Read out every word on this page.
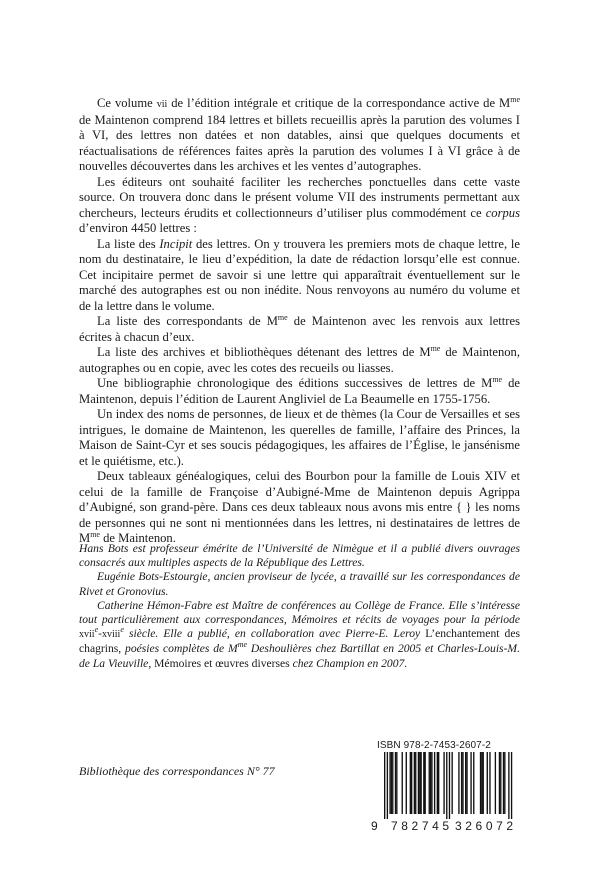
Ce volume vii de l’édition intégrale et critique de la correspondance active de $M^{me}$ de Maintenon comprend 184 lettres et billets recueillis après la parution des volumes I à VI, des lettres non datées et non datables, ainsi que quelques documents et réactualisations de références faites après la parution des volumes I à VI grâce à de nouvelles découvertes dans les archives et les ventes d’autographes.

Les éditeurs ont souhaité faciliter les recherches ponctuelles dans cette vaste source. On trouvera donc dans le présent volume VII des instruments permettant aux chercheurs, lecteurs érudits et collectionneurs d’utiliser plus commodément ce corpus d’environ 4450 lettres :

La liste des Incipit des lettres. On y trouvera les premiers mots de chaque lettre, le nom du destinataire, le lieu d’expédition, la date de rédaction lorsqu’elle est connue. Cet incipitaire permet de savoir si une lettre qui apparaîtrait éventuellement sur le marché des autographes est ou non inédite. Nous renvoyons au numéro du volume et de la lettre dans le volume.

La liste des correspondants de $M^{me}$ de Maintenon avec les renvois aux lettres écrites à chacun d’eux.

La liste des archives et bibliothèques détenant des lettres de $M^{me}$ de Maintenon, autographes ou en copie, avec les cotes des recueils ou liasses.

Une bibliographie chronologique des éditions successives de lettres de $M^{me}$ de Maintenon, depuis l’édition de Laurent Angliviel de La Beaumelle en 1755-1756.

Un index des noms de personnes, de lieux et de thèmes (la Cour de Versailles et ses intrigues, le domaine de Maintenon, les querelles de famille, l’affaire des Princes, la Maison de Saint-Cyr et ses soucis pédagogiques, les affaires de l’Église, le jansénisme et le quiétisme, etc.).

Deux tableaux généalogiques, celui des Bourbon pour la famille de Louis XIV et celui de la famille de Françoise d’Aubigné-Mme de Maintenon depuis Agrippa d’Aubigné, son grand-père. Dans ces deux tableaux nous avons mis entre { } les noms de personnes qui ne sont ni mentionnées dans les lettres, ni destinataires de lettres de $M^{me}$ de Maintenon.

Hans Bots est professeur émérite de l’Université de Nimègue et il a publié divers ouvrages consacrés aux multiples aspects de la République des Lettres.

Eugénie Bots-Estourgie, ancien proviseur de lycée, a travaillé sur les correspondances de Rivet et Gronovius.

Catherine Hémon-Fabre est Maître de conférences au Collège de France. Elle s’intéresse tout particulièrement aux correspondances, Mémoires et récits de voyages pour la période xvii$^e$-xviii$^e$ siècle. Elle a publié, en collaboration avec Pierre-E. Leroy L’enchantement des chagrins, poésies complètes de $M^{me}$ Deshoulières chez Bartillat en 2005 et Charles-Louis-M. de La Vieuville, Mémoires et œuvres diverses chez Champion en 2007.

Bibliothèque des correspondances N° 77
ISBN 978-2-7453-2607-2
9 782745 326072
